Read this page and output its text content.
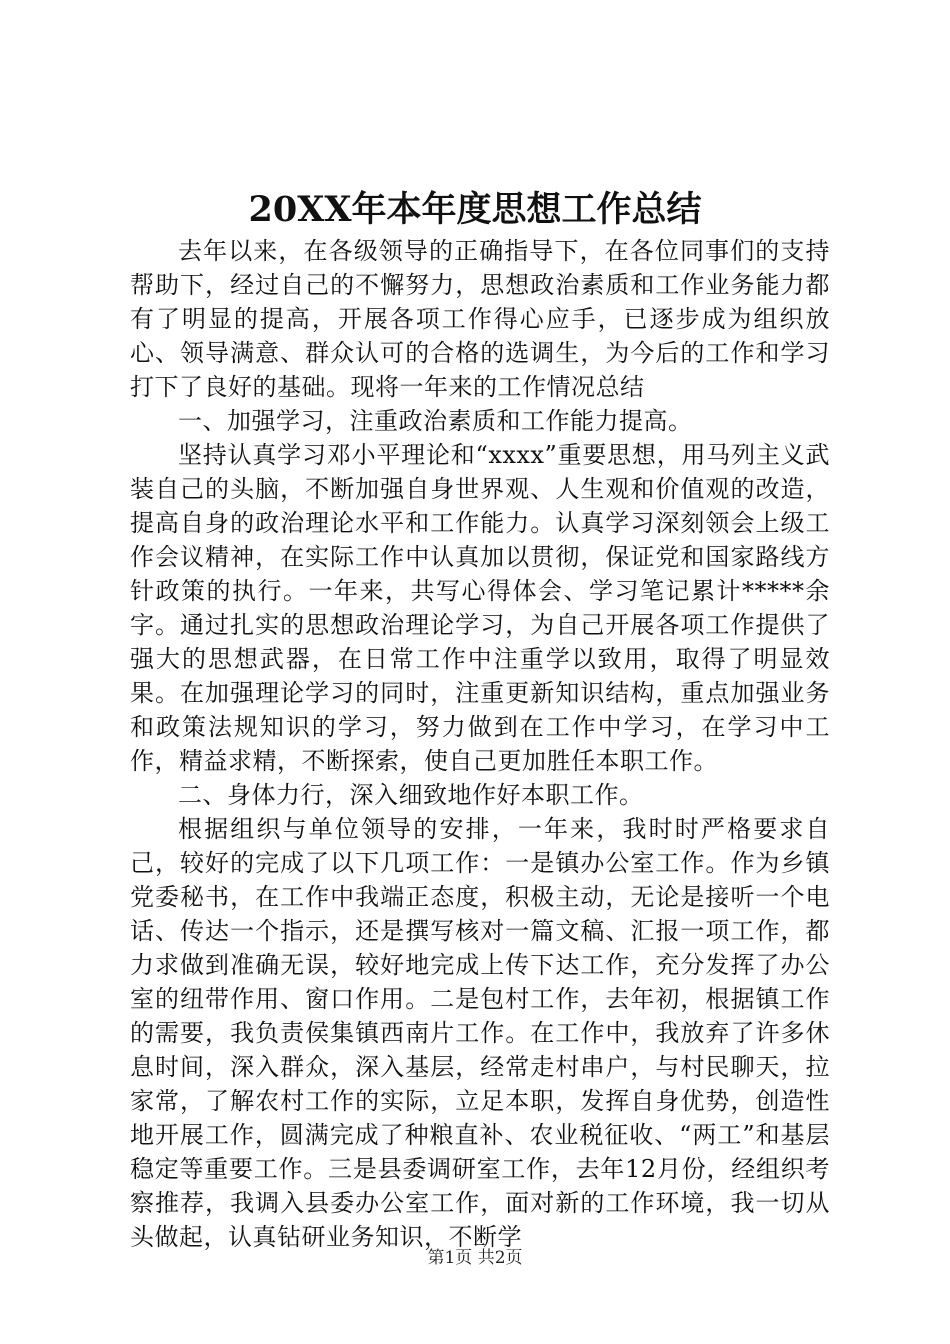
20XX年本年度思想工作总结

去年以来，在各级领导的正确指导下，在各位同事们的支持帮助下，经过自己的不懈努力，思想政治素质和工作业务能力都有了明显的提高，开展各项工作得心应手，已逐步成为组织放心、领导满意、群众认可的合格的选调生，为今后的工作和学习打下了良好的基础。现将一年来的工作情况总结

一、加强学习，注重政治素质和工作能力提高。

坚持认真学习邓小平理论和“xxxx”重要思想，用马列主义武装自己的头脑，不断加强自身世界观、人生观和价值观的改造，提高自身的政治理论水平和工作能力。认真学习深刻领会上级工作会议精神，在实际工作中认真加以贯彻，保证党和国家路线方针政策的执行。一年来，共写心得体会、学习笔记累计*****余字。通过扎实的思想政治理论学习，为自己开展各项工作提供了强大的思想武器，在日常工作中注重学以致用，取得了明显效果。在加强理论学习的同时，注重更新知识结构，重点加强业务和政策法规知识的学习，努力做到在工作中学习，在学习中工作，精益求精，不断探索，使自己更加胜任本职工作。

二、身体力行，深入细致地作好本职工作。

根据组织与单位领导的安排，一年来，我时时严格要求自己，较好的完成了以下几项工作：一是镇办公室工作。作为乡镇党委秘书，在工作中我端正态度，积极主动，无论是接听一个电话、传达一个指示，还是撰写核对一篇文稿、汇报一项工作，都力求做到准确无误，较好地完成上传下达工作，充分发挥了办公室的纽带作用、窗口作用。二是包村工作，去年初，根据镇工作的需要，我负责侯集镇西南片工作。在工作中，我放弃了许多休息时间，深入群众，深入基层，经常走村串户，与村民聊天，拉家常，了解农村工作的实际，立足本职，发挥自身优势，创造性地开展工作，圆满完成了种粮直补、农业税征收、“两工”和基层稳定等重要工作。三是县委调研室工作，去年12月份，经组织考察推荐，我调入县委办公室工作，面对新的工作环境，我一切从头做起，认真钻研业务知识，不断学

第1页 共2页
